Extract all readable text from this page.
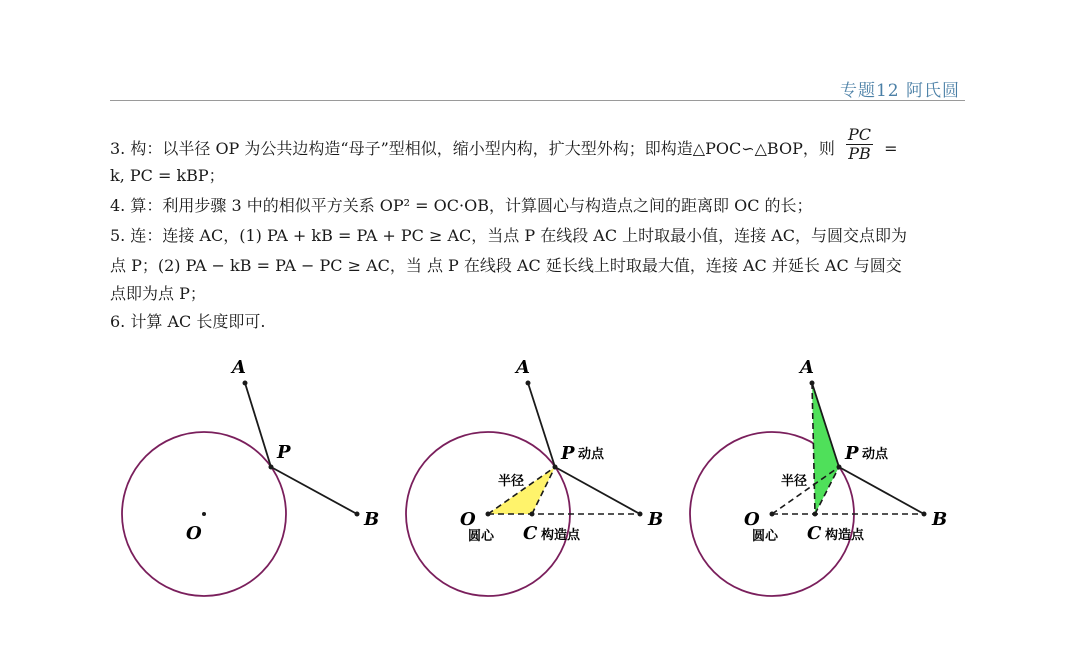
专题12 阿氏圆
3. 构：以半径 OP 为公共边构造“母子”型相似，缩小型内构，扩大型外构；即构造△POC∽△BOP，则 $\frac{PC}{PB}$ =
k, PC = kBP；
4. 算：利用步骤 3 中的相似平方关系 OP² = OC·OB，计算圆心与构造点之间的距离即 OC 的长；
5. 连：连接 AC，(1) PA + kB = PA + PC ≥ AC，当点 P 在线段 AC 上时取最小值，连接 AC，与圆交点即为
点 P；(2) PA − kB = PA − PC ≥ AC，当 点 P 在线段 AC 延长线上时取最大值，连接 AC 并延长 AC 与圆交
点即为点 P；
6. 计算 AC 长度即可.
A
P
O
B
A
P 动点
半径
O
圆心 C 构造点
B
A
P 动点
半径
O
圆心 C 构造点
B
